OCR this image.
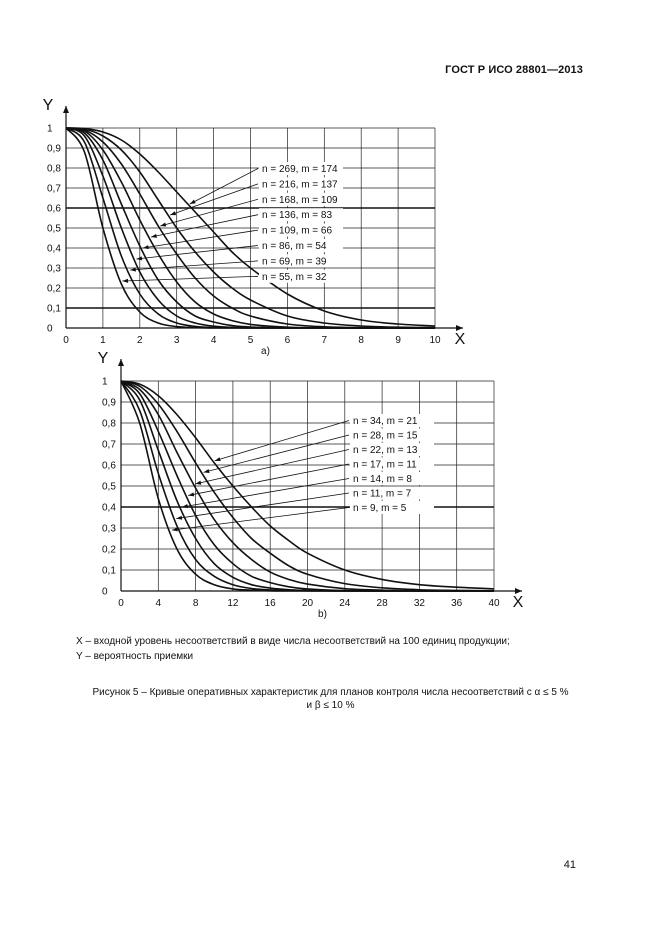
ГОСТ Р ИСО 28801—2013
Y
X
0	1	2	3	4	5	6	7	8	9	10
0
0,1
0,2
0,3
0,4
0,5
0,6
0,7
0,8
0,9
1
a)
n = 269, m = 174
n = 216, m = 137
n = 168, m = 109
n = 136, m = 83
n = 109, m = 66
n = 86, m = 54
n = 69, m = 39
n = 55, m = 32
Y
X
0	4	8	12	16	20	24	28	32	36	40
0
0,1
0,2
0,3
0,4
0,5
0,6
0,7
0,8
0,9
1
b)
n = 34, m = 21
n = 28, m = 15
n = 22, m = 13
n = 17, m = 11
n = 14, m = 8
n = 11, m = 7
n = 9, m = 5
X – входной уровень несоответствий в виде числа несоответствий на 100 единиц продукции;
Y – вероятность приемки
Рисунок 5 – Кривые оперативных характеристик для планов контроля числа несоответствий с α ≤ 5 %
и β ≤ 10 %
41
